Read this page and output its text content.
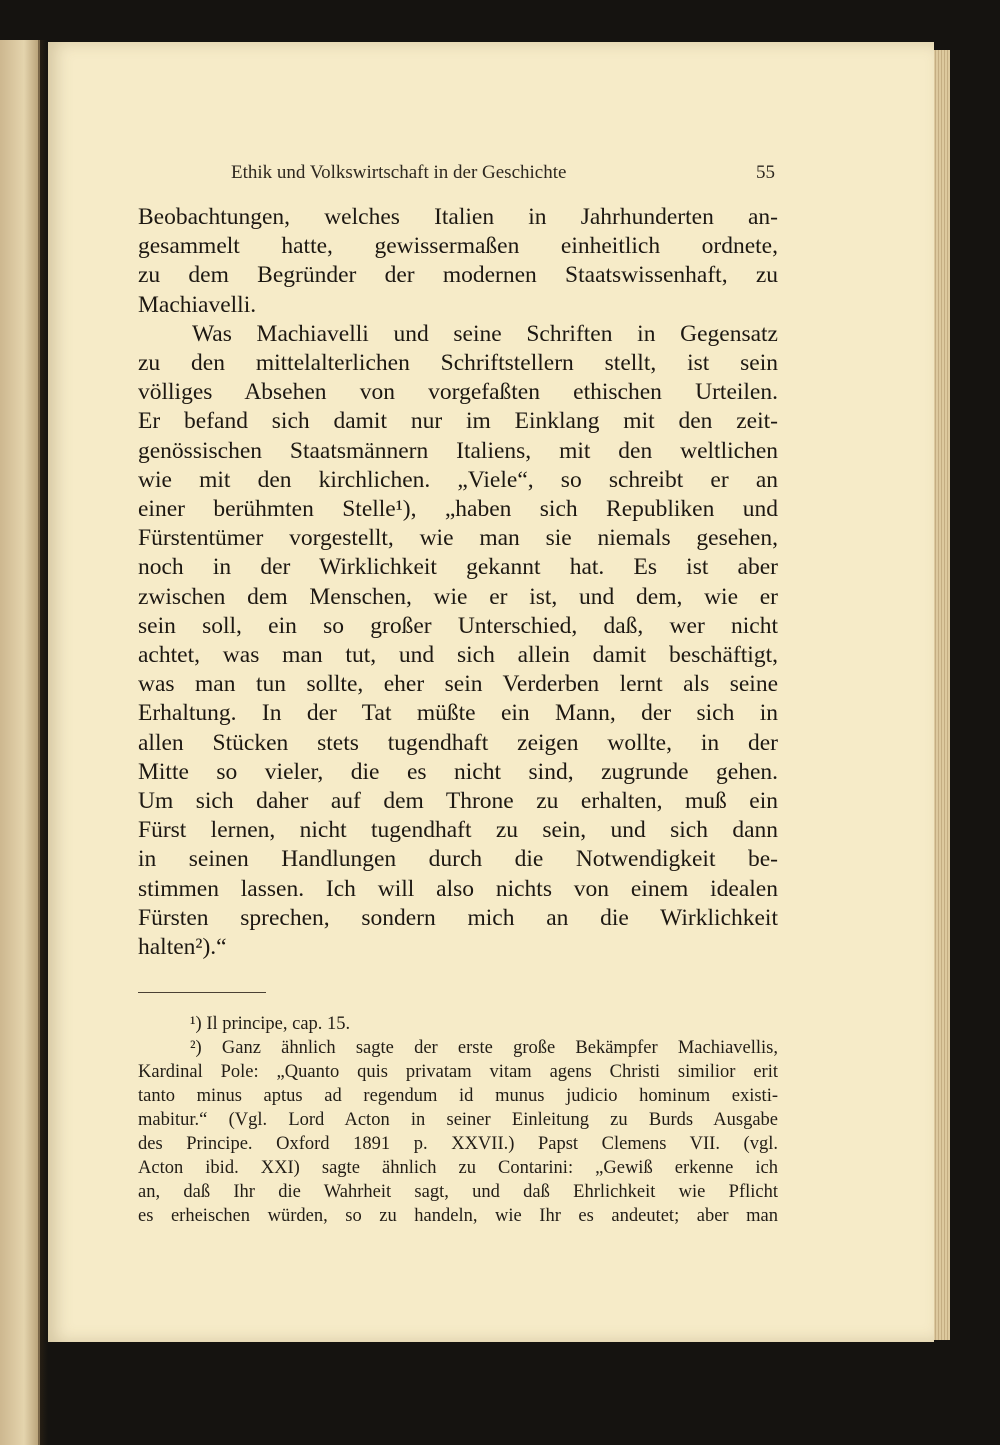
Ethik und Volkswirtschaft in der Geschichte	55

Beobachtungen, welches Italien in Jahrhunderten an-

gesammelt hatte, gewissermaßen einheitlich ordnete,

zu dem Begründer der modernen Staatswissenhaft, zu

Machiavelli.

Was Machiavelli und seine Schriften in Gegensatz

zu den mittelalterlichen Schriftstellern stellt, ist sein

völliges Absehen von vorgefaßten ethischen Urteilen.

Er befand sich damit nur im Einklang mit den zeit-

genössischen Staatsmännern Italiens, mit den weltlichen

wie mit den kirchlichen. „Viele“, so schreibt er an

einer berühmten Stelle¹), „haben sich Republiken und

Fürstentümer vorgestellt, wie man sie niemals gesehen,

noch in der Wirklichkeit gekannt hat. Es ist aber

zwischen dem Menschen, wie er ist, und dem, wie er

sein soll, ein so großer Unterschied, daß, wer nicht

achtet, was man tut, und sich allein damit beschäftigt,

was man tun sollte, eher sein Verderben lernt als seine

Erhaltung. In der Tat müßte ein Mann, der sich in

allen Stücken stets tugendhaft zeigen wollte, in der

Mitte so vieler, die es nicht sind, zugrunde gehen.

Um sich daher auf dem Throne zu erhalten, muß ein

Fürst lernen, nicht tugendhaft zu sein, und sich dann

in seinen Handlungen durch die Notwendigkeit be-

stimmen lassen. Ich will also nichts von einem idealen

Fürsten sprechen, sondern mich an die Wirklichkeit

halten²).“

¹) Il principe, cap. 15.

²) Ganz ähnlich sagte der erste große Bekämpfer Machiavellis,

Kardinal Pole: „Quanto quis privatam vitam agens Christi similior erit

tanto minus aptus ad regendum id munus judicio hominum existi-

mabitur.“ (Vgl. Lord Acton in seiner Einleitung zu Burds Ausgabe

des Principe. Oxford 1891 p. XXVII.) Papst Clemens VII. (vgl.

Acton ibid. XXI) sagte ähnlich zu Contarini: „Gewiß erkenne ich

an, daß Ihr die Wahrheit sagt, und daß Ehrlichkeit wie Pflicht

es erheischen würden, so zu handeln, wie Ihr es andeutet; aber man
